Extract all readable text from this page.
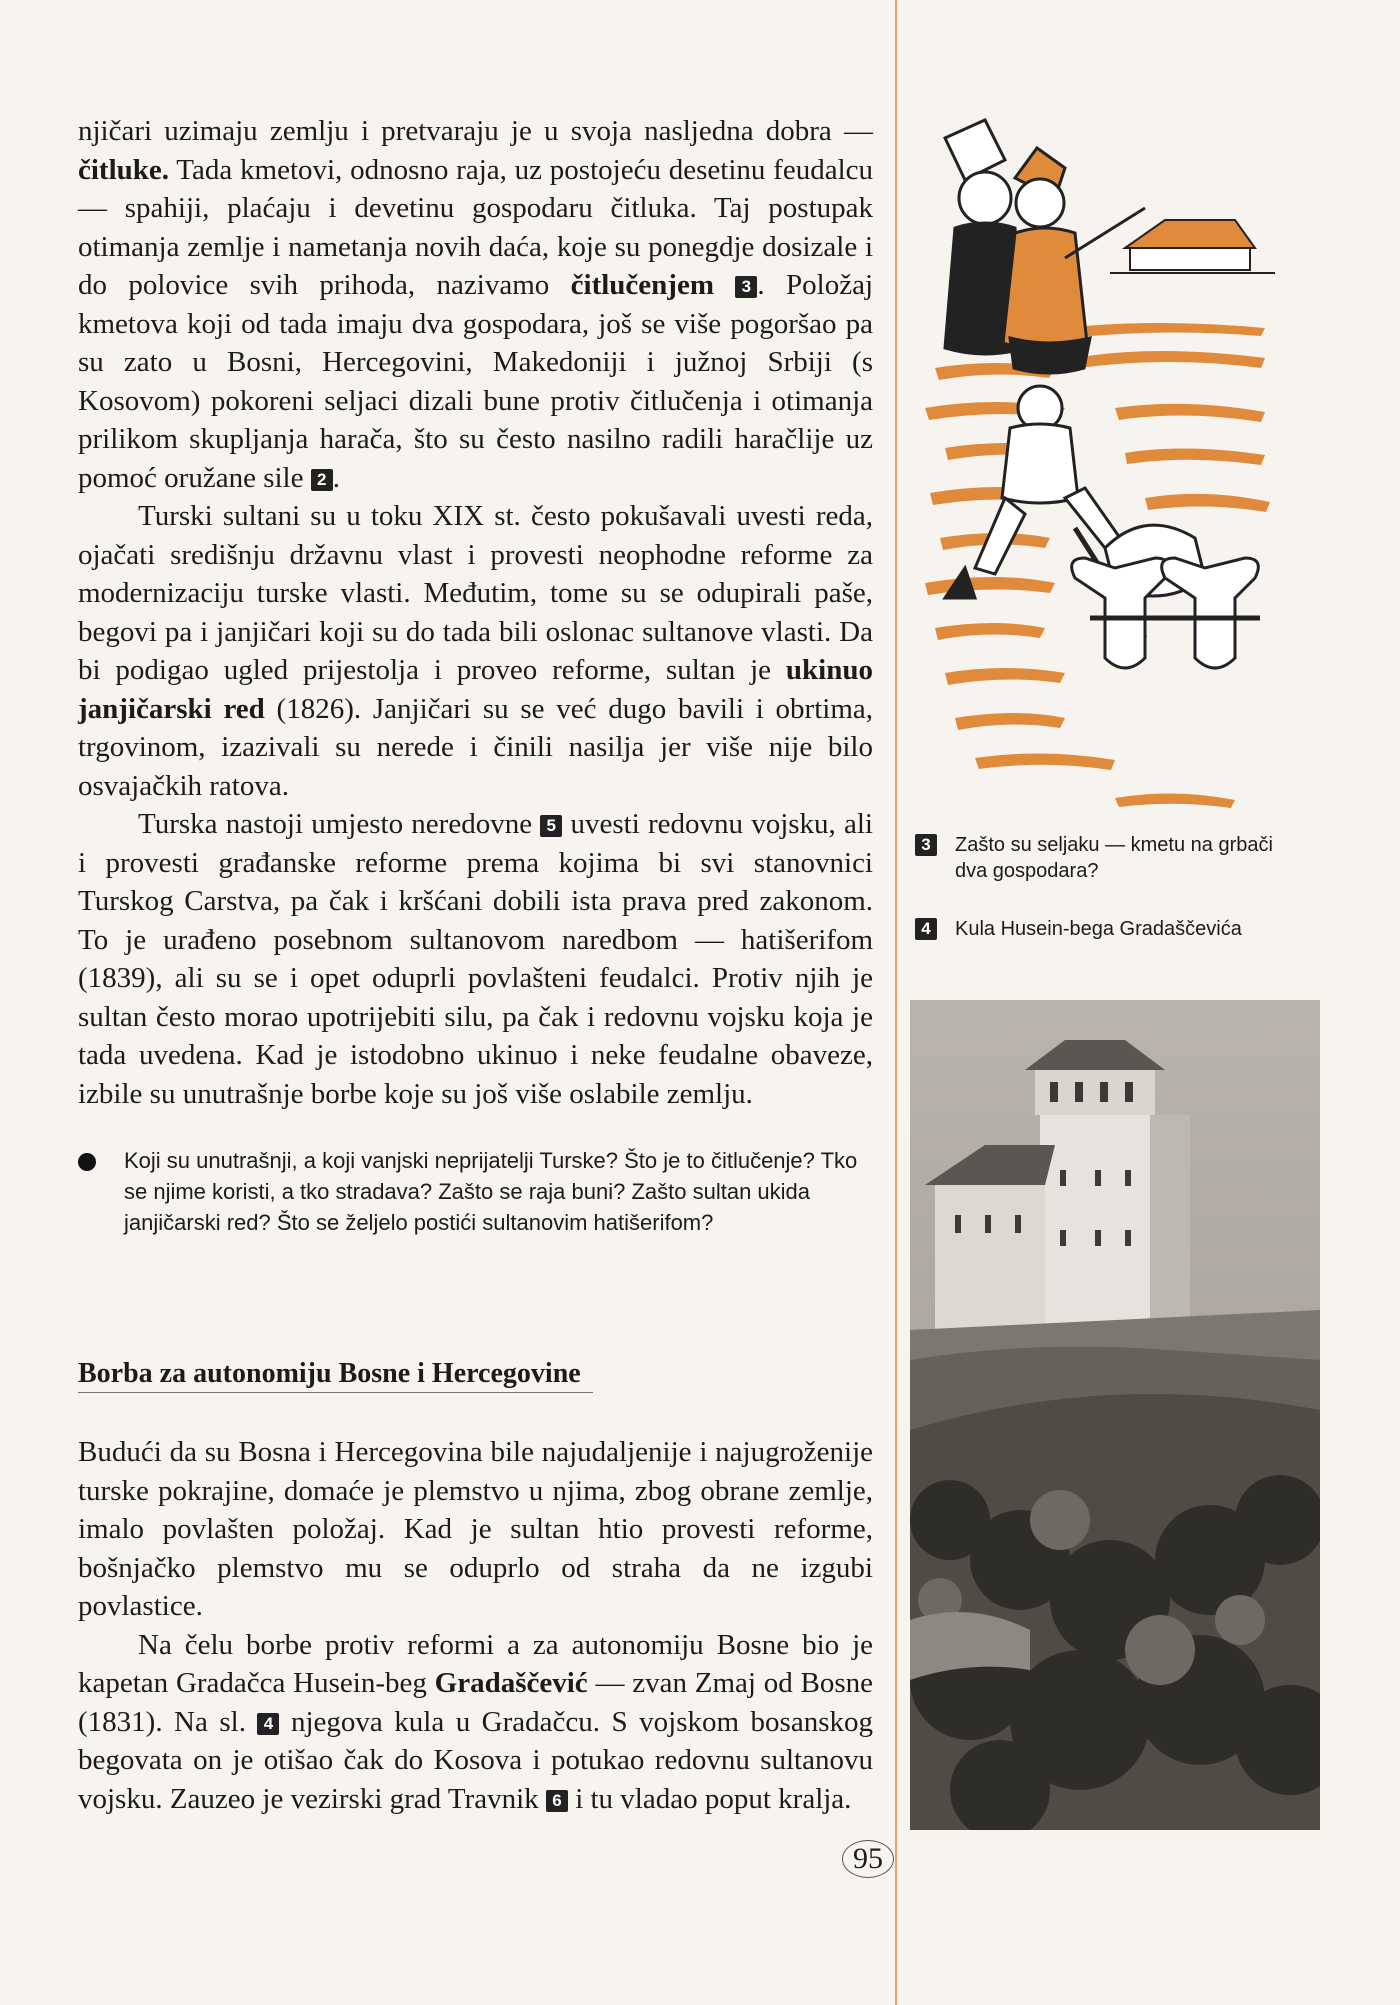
njičari uzimaju zemlju i pretvaraju je u svoja nasljedna dobra — čitluke. Tada kmetovi, odnosno raja, uz postojeću desetinu feudalcu — spahiji, plaćaju i devetinu gospodaru čitluka. Taj postupak otimanja zemlje i nametanja novih daća, koje su ponegdje dosizale i do polovice svih prihoda, nazivamo čitlučenjem 3 . Položaj kmetova koji od tada imaju dva gospodara, još se više pogoršao pa su zato u Bosni, Hercegovini, Makedoniji i južnoj Srbiji (s Kosovom) pokoreni seljaci dizali bune protiv čitlučenja i otimanja prilikom skupljanja harača, što su često nasilno radili haračlije uz pomoć oružane sile 2 .

Turski sultani su u toku XIX st. često pokušavali uvesti reda, ojačati središnju državnu vlast i provesti neophodne reforme za modernizaciju turske vlasti. Međutim, tome su se odupirali paše, begovi pa i janjičari koji su do tada bili oslonac sultanove vlasti. Da bi podigao ugled prijestolja i proveo reforme, sultan je ukinuo janjičarski red (1826). Janjičari su se već dugo bavili i obrtima, trgovinom, izazivali su nerede i činili nasilja jer više nije bilo osvajačkih ratova.

Turska nastoji umjesto neredovne 5 uvesti redovnu vojsku, ali i provesti građanske reforme prema kojima bi svi stanovnici Turskog Carstva, pa čak i kršćani dobili ista prava pred zakonom. To je urađeno posebnom sultanovom naredbom — hatišerifom (1839), ali su se i opet oduprli povlašteni feudalci. Protiv njih je sultan često morao upotrijebiti silu, pa čak i redovnu vojsku koja je tada uvedena. Kad je istodobno ukinuo i neke feudalne obaveze, izbile su unutrašnje borbe koje su još više oslabile zemlju.

Koji su unutrašnji, a koji vanjski neprijatelji Turske? Što je to čitlučenje? Tko se njime koristi, a tko stradava? Zašto se raja buni? Zašto sultan ukida janjičarski red? Što se željelo postići sultanovim hatišerifom?
Borba za autonomiju Bosne i Hercegovine

Budući da su Bosna i Hercegovina bile najudaljenije i najugroženije turske pokrajine, domaće je plemstvo u njima, zbog obrane zemlje, imalo povlašten položaj. Kad je sultan htio provesti reforme, bošnjačko plemstvo mu se oduprlo od straha da ne izgubi povlastice.

Na čelu borbe protiv reformi a za autonomiju Bosne bio je kapetan Gradačca Husein-beg Gradaščević — zvan Zmaj od Bosne (1831). Na sl. 4 njegova kula u Gradačcu. S vojskom bosanskog begovata on je otišao čak do Kosova i potukao redovnu sultanovu vojsku. Zauzeo je vezirski grad Travnik 6 i tu vladao poput kralja.

95
3	Zašto su seljaku — kmetu na grbači dva gospodara?
4	Kula Husein-bega Gradaščevića
